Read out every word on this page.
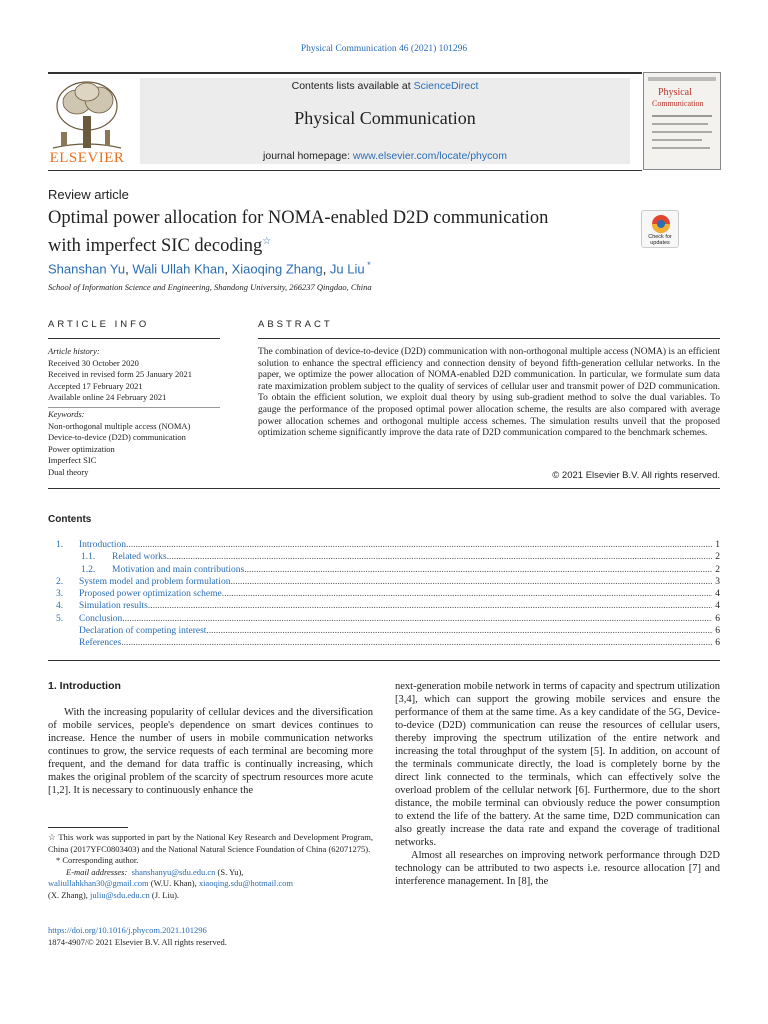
Physical Communication 46 (2021) 101296
ELSEVIER
Contents lists available at ScienceDirect
Physical Communication
journal homepage: www.elsevier.com/locate/phycom
Physical
Communication
Review article
Optimal power allocation for NOMA-enabled D2D communication
with imperfect SIC decoding☆	Check for
updates
Shanshan Yu, Wali Ullah Khan, Xiaoqing Zhang, Ju Liu *
School of Information Science and Engineering, Shandong University, 266237 Qingdao, China
ARTICLE INFO	ABSTRACT
Article history:
Received 30 October 2020
Received in revised form 25 January 2021
Accepted 17 February 2021
Available online 24 February 2021
Keywords:
Non-orthogonal multiple access (NOMA)
Device-to-device (D2D) communication
Power optimization
Imperfect SIC
Dual theory
The combination of device-to-device (D2D) communication with non-orthogonal multiple access (NOMA) is an efficient solution to enhance the spectral efficiency and connection density of beyond fifth-generation cellular networks. In the paper, we optimize the power allocation of NOMA-enabled D2D communication. In particular, we formulate sum data rate maximization problem subject to the quality of services of cellular user and transmit power of D2D communication. To obtain the efficient solution, we exploit dual theory by using sub-gradient method to solve the dual variables. To gauge the performance of the proposed optimal power allocation scheme, the results are also compared with average power allocation schemes and orthogonal multiple access schemes. The simulation results unveil that the proposed optimization scheme significantly improve the data rate of D2D communication compared to the benchmark schemes.
© 2021 Elsevier B.V. All rights reserved.
Contents
1. Introduction .....	1
1.1. Related works .....	2
1.2. Motivation and main contributions .....	2
2. System model and problem formulation .....	3
3. Proposed power optimization scheme .....	4
4. Simulation results .....	4
5. Conclusion .....	6
Declaration of competing interest .....	6
References .....	6
1. Introduction
With the increasing popularity of cellular devices and the diversification of mobile services, people's dependence on smart devices continues to increase. Hence the number of users in mobile communication networks continues to grow, the service requests of each terminal are becoming more frequent, and the demand for data traffic is continually increasing, which makes the original problem of the scarcity of spectrum resources more acute [1,2]. It is necessary to continuously enhance the

next-generation mobile network in terms of capacity and spectrum utilization [3,4], which can support the growing mobile services and ensure the performance of them at the same time. As a key candidate of the 5G, Device-to-device (D2D) communication can reuse the resources of cellular users, thereby improving the spectrum utilization of the entire network and increasing the total throughput of the system [5]. In addition, on account of the terminals communicate directly, the load is completely borne by the direct link connected to the terminals, which can effectively solve the overload problem of the cellular network [6]. Furthermore, due to the short distance, the mobile terminal can obviously reduce the power consumption to extend the life of the battery. At the same time, D2D communication can also greatly increase the data rate and expand the coverage of traditional networks.

Almost all researches on improving network performance through D2D technology can be attributed to two aspects i.e. resource allocation [7] and interference management. In [8], the

☆ This work was supported in part by the National Key Research and Development Program, China (2017YFC0803403) and the National Natural Science Foundation of China (62071275).
* Corresponding author.
E-mail addresses: shanshanyu@sdu.edu.cn (S. Yu),
waliullahkhan30@gmail.com (W.U. Khan), xiaoqing.sdu@hotmail.com
(X. Zhang), juliu@sdu.edu.cn (J. Liu).
https://doi.org/10.1016/j.phycom.2021.101296
1874-4907/© 2021 Elsevier B.V. All rights reserved.
